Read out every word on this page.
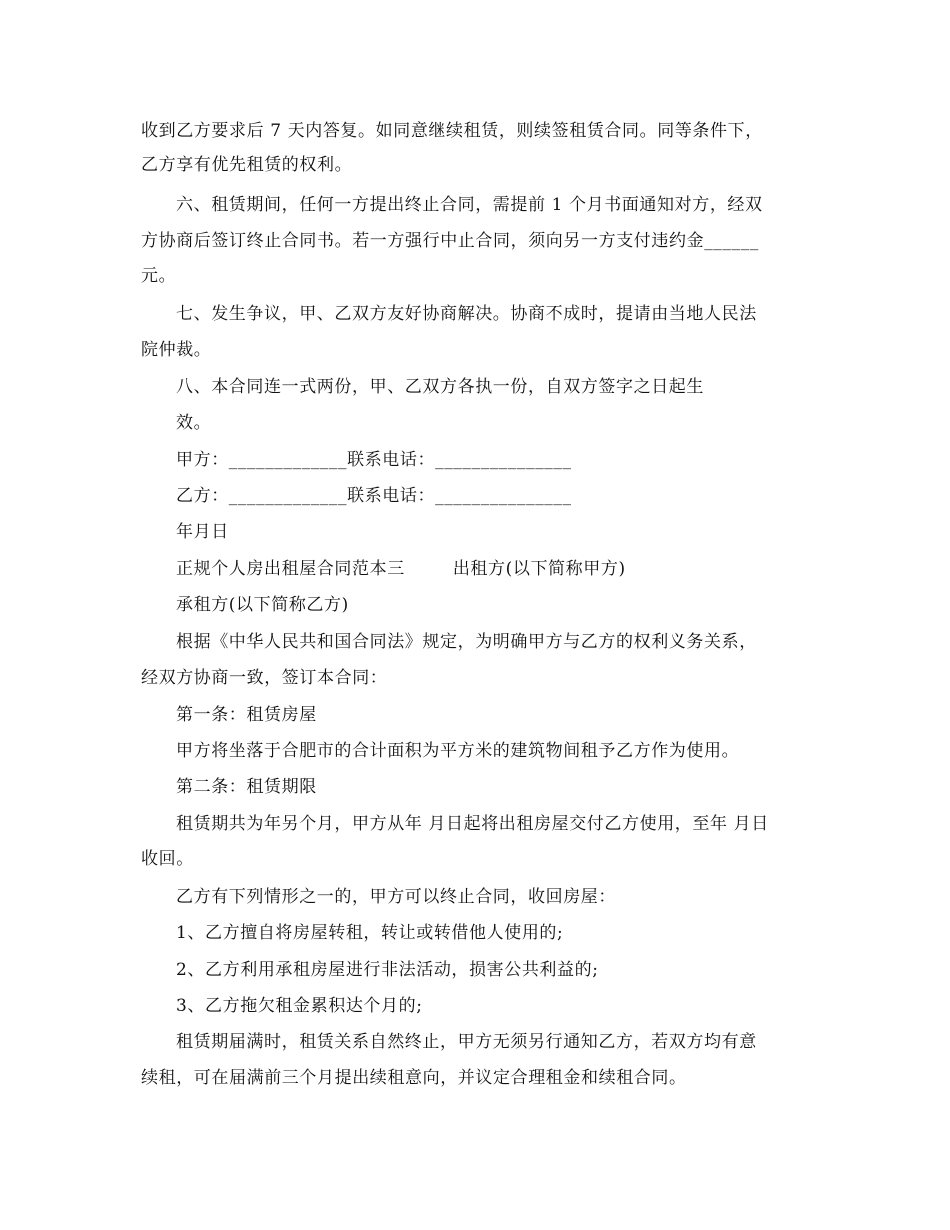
收到乙方要求后 7 天内答复。如同意继续租赁，则续签租赁合同。同等条件下，
乙方享有优先租赁的权利。
六、租赁期间，任何一方提出终止合同，需提前 1 个月书面通知对方，经双
方协商后签订终止合同书。若一方强行中止合同，须向另一方支付违约金______
元。
七、发生争议，甲、乙双方友好协商解决。协商不成时，提请由当地人民法
院仲裁。
八、本合同连一式两份，甲、乙双方各执一份，自双方签字之日起生
效。
甲方：_____________联系电话：_______________
乙方：_____________联系电话：_______________
年月日
正规个人房出租屋合同范本三        出租方(以下简称甲方)
承租方(以下简称乙方)
根据《中华人民共和国合同法》规定，为明确甲方与乙方的权利义务关系，
经双方协商一致，签订本合同：
第一条：租赁房屋
甲方将坐落于合肥市的合计面积为平方米的建筑物间租予乙方作为使用。
第二条：租赁期限
租赁期共为年另个月，甲方从年 月日起将出租房屋交付乙方使用，至年 月日
收回。
乙方有下列情形之一的，甲方可以终止合同，收回房屋：
1、乙方擅自将房屋转租，转让或转借他人使用的;
2、乙方利用承租房屋进行非法活动，损害公共利益的;
3、乙方拖欠租金累积达个月的;
租赁期届满时，租赁关系自然终止，甲方无须另行通知乙方，若双方均有意
续租，可在届满前三个月提出续租意向，并议定合理租金和续租合同。
